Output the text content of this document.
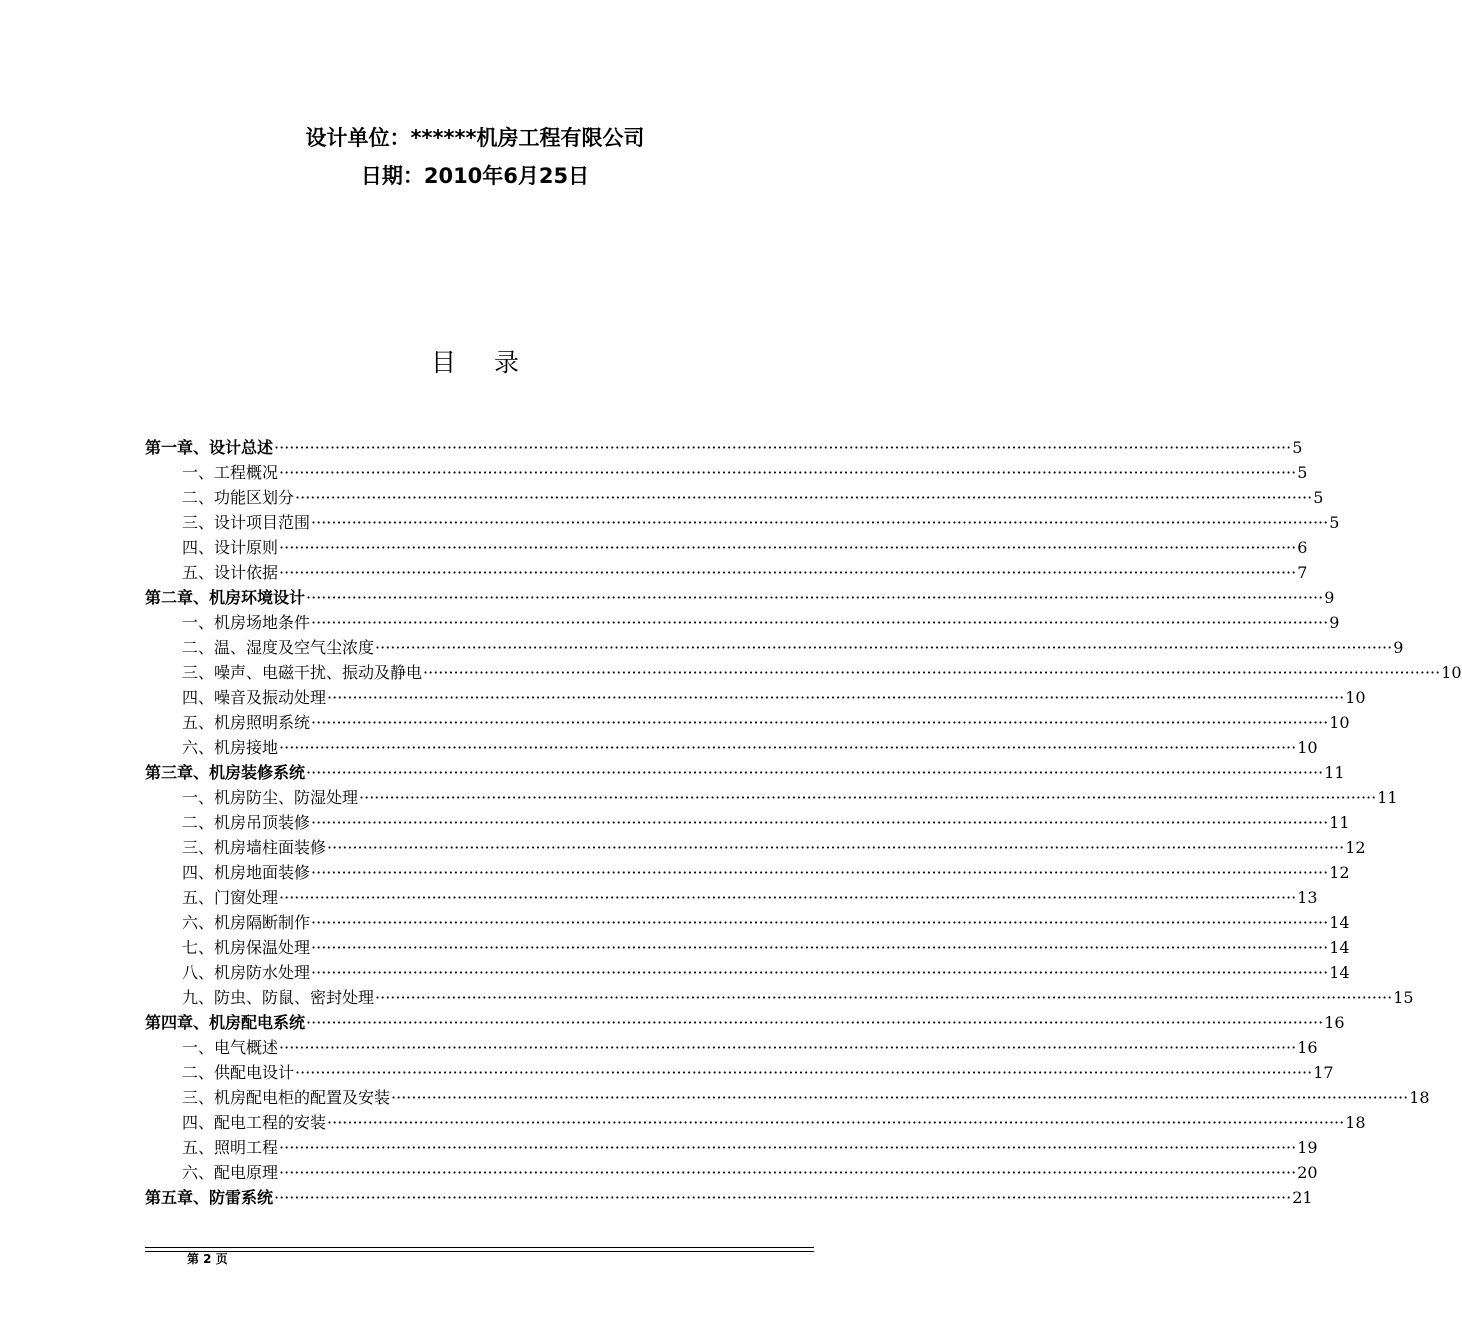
设计单位：******机房工程有限公司
日期：2010年6月25日
目录
第一章、设计总述 ········································································································································································································ 5
一、工程概况 ········································································································································································································ 5
二、功能区划分 ········································································································································································································ 5
三、设计项目范围 ········································································································································································································ 5
四、设计原则 ········································································································································································································ 6
五、设计依据 ········································································································································································································ 7
第二章、机房环境设计 ········································································································································································································ 9
一、机房场地条件 ········································································································································································································ 9
二、温、湿度及空气尘浓度 ········································································································································································································ 9
三、噪声、电磁干扰、振动及静电 ········································································································································································································ 10
四、噪音及振动处理 ········································································································································································································ 10
五、机房照明系统 ········································································································································································································ 10
六、机房接地 ········································································································································································································ 10
第三章、机房装修系统 ········································································································································································································ 11
一、机房防尘、防湿处理 ········································································································································································································ 11
二、机房吊顶装修 ········································································································································································································ 11
三、机房墙柱面装修 ········································································································································································································ 12
四、机房地面装修 ········································································································································································································ 12
五、门窗处理 ········································································································································································································ 13
六、机房隔断制作 ········································································································································································································ 14
七、机房保温处理 ········································································································································································································ 14
八、机房防水处理 ········································································································································································································ 14
九、防虫、防鼠、密封处理 ········································································································································································································ 15
第四章、机房配电系统 ········································································································································································································ 16
一、电气概述 ········································································································································································································ 16
二、供配电设计 ········································································································································································································ 17
三、机房配电柜的配置及安装 ········································································································································································································ 18
四、配电工程的安装 ········································································································································································································ 18
五、照明工程 ········································································································································································································ 19
六、配电原理 ········································································································································································································ 20
第五章、防雷系统 ········································································································································································································ 21
第 2 页
